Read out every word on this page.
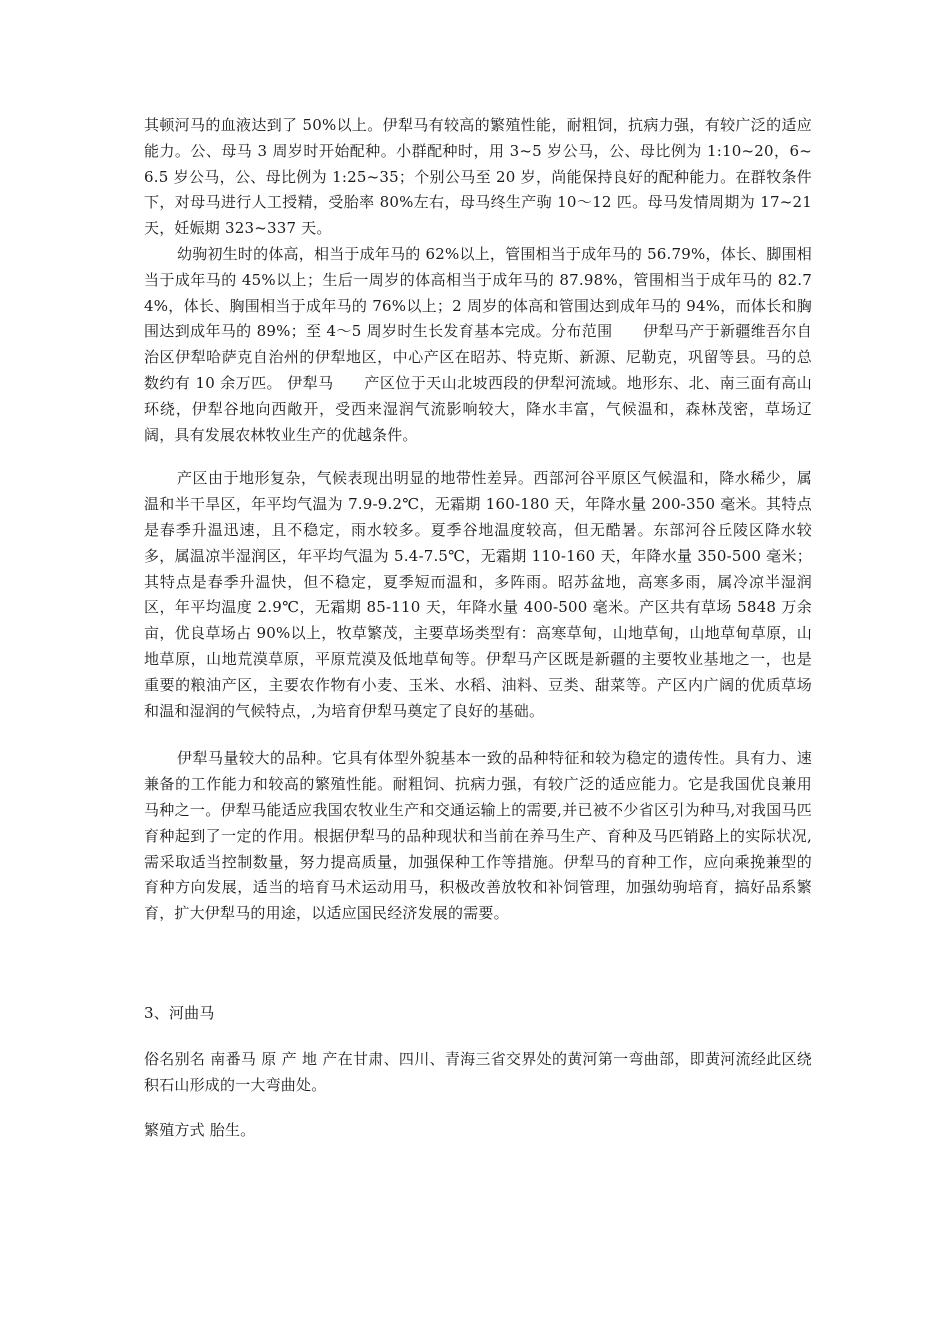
其顿河马的血液达到了 50%以上。伊犁马有较高的繁殖性能，耐粗饲，抗病力强，有较广泛的适应能力。公、母马 3 周岁时开始配种。小群配种时，用 3~5 岁公马，公、母比例为 1:10~20，6~6.5 岁公马，公、母比例为 1:25~35；个别公马至 20 岁，尚能保持良好的配种能力。在群牧条件下，对母马进行人工授精，受胎率 80%左右，母马终生产驹 10～12 匹。母马发情周期为 17~21 天，妊娠期 323~337 天。

幼驹初生时的体高，相当于成年马的 62%以上，管围相当于成年马的 56.79%，体长、脚围相当于成年马的 45%以上；生后一周岁的体高相当于成年马的 87.98%，管围相当于成年马的 82.74%，体长、胸围相当于成年马的 76%以上；2 周岁的体高和管围达到成年马的 94%，而体长和胸围达到成年马的 89%；至 4～5 周岁时生长发育基本完成。分布范围　　伊犁马产于新疆维吾尔自治区伊犁哈萨克自治州的伊犁地区，中心产区在昭苏、特克斯、新源、尼勒克，巩留等县。马的总数约有 10 余万匹。 伊犁马　　产区位于天山北坡西段的伊犁河流域。地形东、北、南三面有高山环绕，伊犁谷地向西敞开，受西来湿润气流影响较大，降水丰富，气候温和，森林茂密，草场辽阔，具有发展农林牧业生产的优越条件。

产区由于地形复杂，气候表现出明显的地带性差异。西部河谷平原区气候温和，降水稀少，属温和半干旱区，年平均气温为 7.9-9.2℃，无霜期 160-180 天，年降水量 200-350 毫米。其特点是春季升温迅速，且不稳定，雨水较多。夏季谷地温度较高，但无酷暑。东部河谷丘陵区降水较多，属温凉半湿润区，年平均气温为 5.4-7.5℃，无霜期 110-160 天，年降水量 350-500 毫米；其特点是春季升温快，但不稳定，夏季短而温和，多阵雨。昭苏盆地，高寒多雨，属冷凉半湿润区，年平均温度 2.9℃，无霜期 85-110 天，年降水量 400-500 毫米。产区共有草场 5848 万余亩，优良草场占 90%以上，牧草繁茂，主要草场类型有：高寒草甸，山地草甸，山地草甸草原，山地草原，山地荒漠草原，平原荒漠及低地草甸等。伊犁马产区既是新疆的主要牧业基地之一，也是重要的粮油产区，主要农作物有小麦、玉米、水稻、油料、豆类、甜菜等。产区内广阔的优质草场和温和湿润的气候特点，,为培育伊犁马奠定了良好的基础。

伊犁马量较大的品种。它具有体型外貌基本一致的品种特征和较为稳定的遗传性。具有力、速兼备的工作能力和较高的繁殖性能。耐粗饲、抗病力强，有较广泛的适应能力。它是我国优良兼用马种之一。伊犁马能适应我国农牧业生产和交通运输上的需要,并已被不少省区引为种马,对我国马匹育种起到了一定的作用。根据伊犁马的品种现状和当前在养马生产、育种及马匹销路上的实际状况,需采取适当控制数量，努力提高质量，加强保种工作等措施。伊犁马的育种工作，应向乘挽兼型的育种方向发展，适当的培育马术运动用马，积极改善放牧和补饲管理，加强幼驹培育，搞好品系繁育，扩大伊犁马的用途，以适应国民经济发展的需要。

3、河曲马

俗名别名 南番马 原 产 地 产在甘肃、四川、青海三省交界处的黄河第一弯曲部，即黄河流经此区绕积石山形成的一大弯曲处。

繁殖方式 胎生。
